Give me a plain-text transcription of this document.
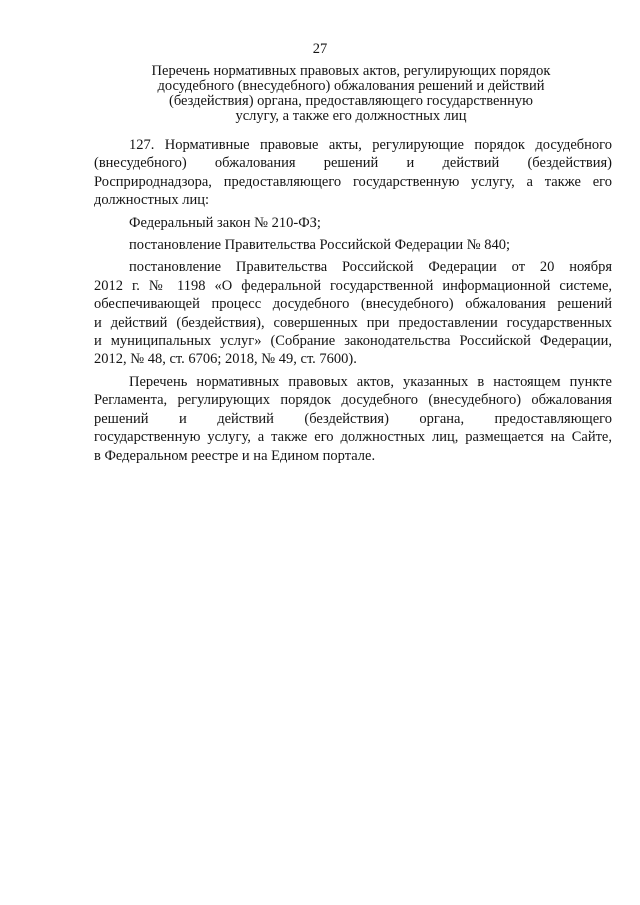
27
Перечень нормативных правовых актов, регулирующих порядок
досудебного (внесудебного) обжалования решений и действий
(бездействия) органа, предоставляющего государственную
услугу, а также его должностных лиц

127. Нормативные правовые акты, регулирующие порядок досудебного
(внесудебного) обжалования решений и действий (бездействия)
Росприроднадзора, предоставляющего государственную услугу, а также его
должностных лиц:

Федеральный закон № 210-ФЗ;

постановление Правительства Российской Федерации № 840;

постановление Правительства Российской Федерации от 20 ноября
2012 г. № 1198 «О федеральной государственной информационной системе,
обеспечивающей процесс досудебного (внесудебного) обжалования решений
и действий (бездействия), совершенных при предоставлении государственных
и муниципальных услуг» (Собрание законодательства Российской Федерации,
2012, № 48, ст. 6706; 2018, № 49, ст. 7600).

Перечень нормативных правовых актов, указанных в настоящем пункте
Регламента, регулирующих порядок досудебного (внесудебного) обжалования
решений и действий (бездействия) органа, предоставляющего
государственную услугу, а также его должностных лиц, размещается на Сайте,
в Федеральном реестре и на Едином портале.
